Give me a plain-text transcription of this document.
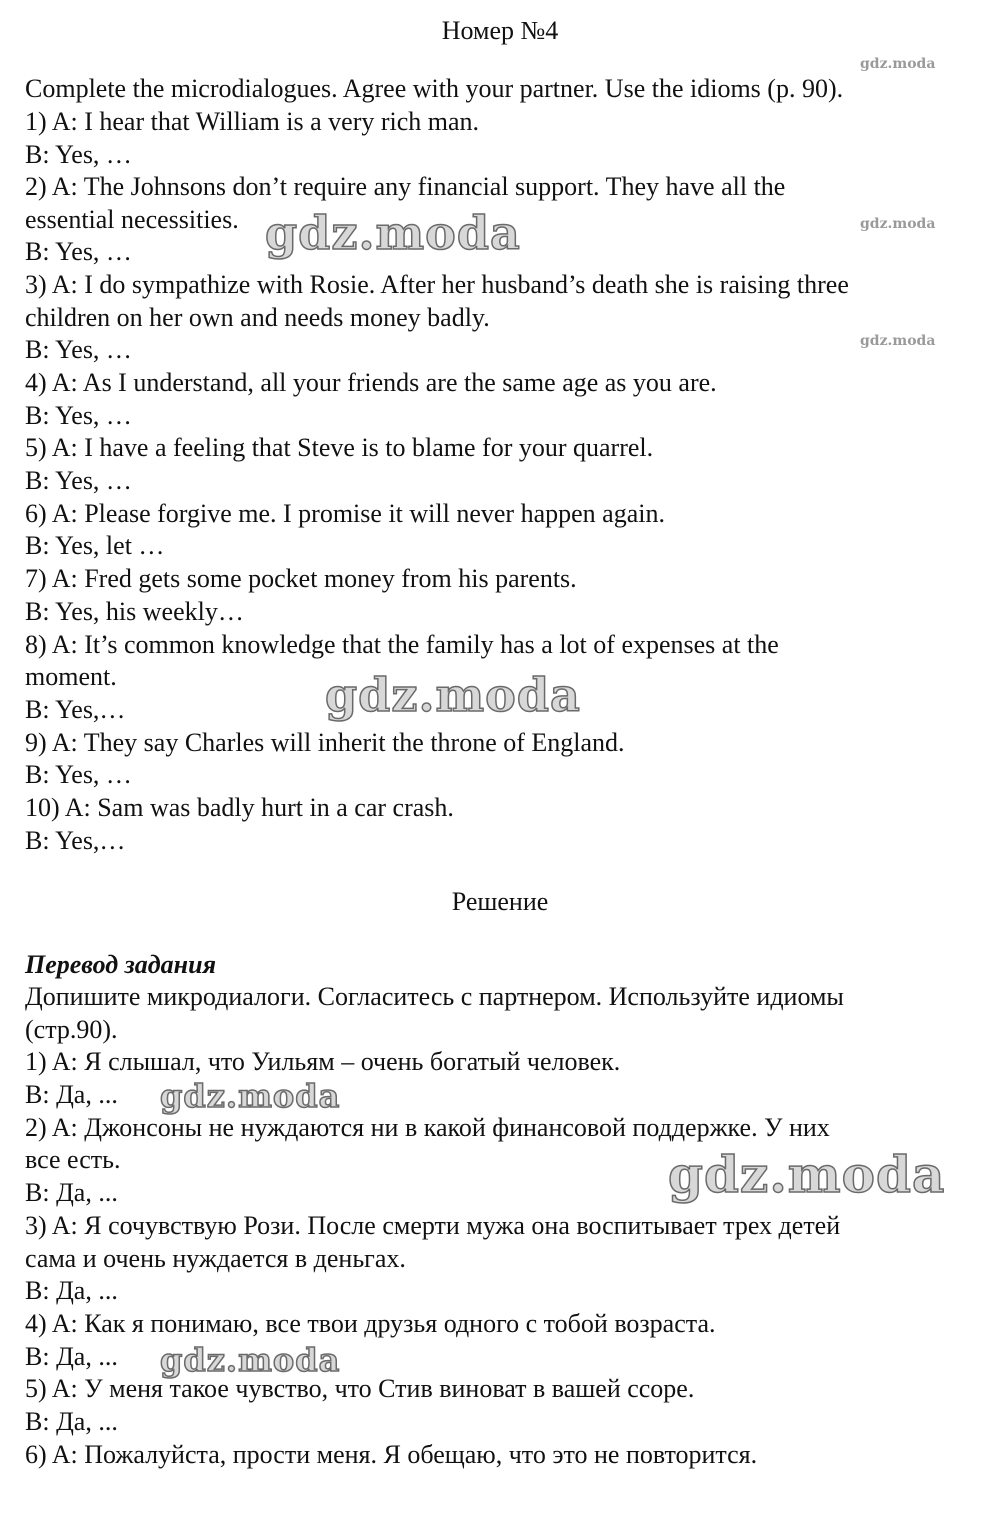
Номер №4
Complete the microdialogues. Agree with your partner. Use the idioms (p. 90).
1) A: I hear that William is a very rich man.
B: Yes, …
2) A: The Johnsons don’t require any financial support. They have all the
essential necessities.
B: Yes, …
3) A: I do sympathize with Rosie. After her husband’s death she is raising three
children on her own and needs money badly.
B: Yes, …
4) A: As I understand, all your friends are the same age as you are.
B: Yes, …
5) A: I have a feeling that Steve is to blame for your quarrel.
B: Yes, …
6) A: Please forgive me. I promise it will never happen again.
B: Yes, let …
7) A: Fred gets some pocket money from his parents.
B: Yes, his weekly…
8) A: It’s common knowledge that the family has a lot of expenses at the
moment.
B: Yes,…
9) A: They say Charles will inherit the throne of England.
B: Yes, …
10) A: Sam was badly hurt in a car crash.
B: Yes,…
Решение
Перевод задания
Допишите микродиалоги. Согласитесь с партнером. Используйте идиомы
(стр.90).
1) A: Я слышал, что Уильям – очень богатый человек.
B: Да, ...
2) A: Джонсоны не нуждаются ни в какой финансовой поддержке. У них
все есть.
B: Да, ...
3) A: Я сочувствую Рози. После смерти мужа она воспитывает трех детей
сама и очень нуждается в деньгах.
B: Да, ...
4) A: Как я понимаю, все твои друзья одного с тобой возраста.
B: Да, ...
5) A: У меня такое чувство, что Стив виноват в вашей ссоре.
B: Да, ...
6) A: Пожалуйста, прости меня. Я обещаю, что это не повторится.
gdz.moda
gdz.moda
gdz.moda
gdz.moda
gdz.moda
gdz.moda
gdz.moda
gdz.moda
